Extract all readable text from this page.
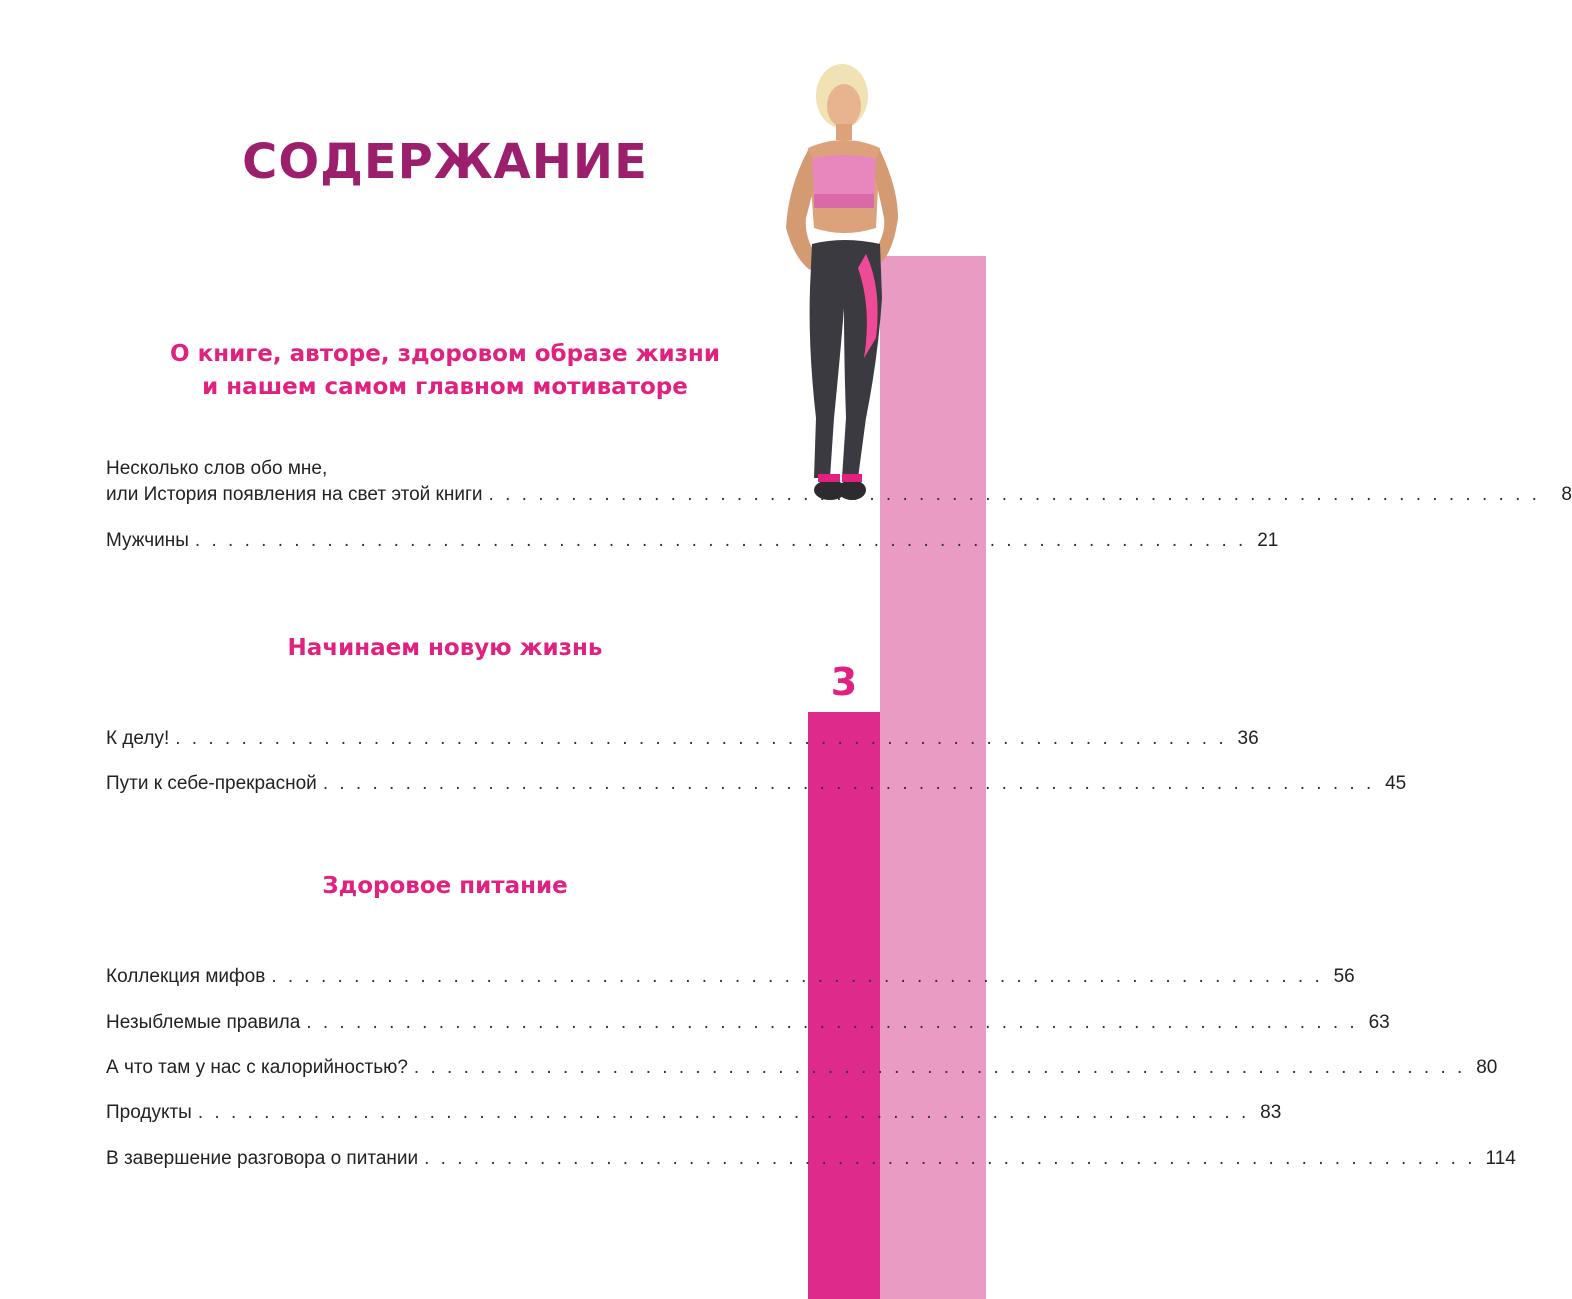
3
СОДЕРЖАНИЕ
О книге, авторе, здоровом образе жизни
и нашем самом главном мотиваторе
Несколько слов обо мне,
или История появления на свет этой книги . . . . . . . . . . . . . . . . . . . . . . . . . . . . . . . . . . . . . . . . . . . . . . . . . . . . . . . . . . . . . . . .	8
Мужчины . . . . . . . . . . . . . . . . . . . . . . . . . . . . . . . . . . . . . . . . . . . . . . . . . . . . . . . . . . . . . . . . 21
Начинаем новую жизнь
К делу! . . . . . . . . . . . . . . . . . . . . . . . . . . . . . . . . . . . . . . . . . . . . . . . . . . . . . . . . . . . . . . . . 36
Пути к себе-прекрасной . . . . . . . . . . . . . . . . . . . . . . . . . . . . . . . . . . . . . . . . . . . . . . . . . . . . . . . . . . . . . . . . 45
Здоровое питание
Коллекция мифов . . . . . . . . . . . . . . . . . . . . . . . . . . . . . . . . . . . . . . . . . . . . . . . . . . . . . . . . . . . . . . . . 56
Незыблемые правила . . . . . . . . . . . . . . . . . . . . . . . . . . . . . . . . . . . . . . . . . . . . . . . . . . . . . . . . . . . . . . . . 63
А что там у нас с калорийностью? . . . . . . . . . . . . . . . . . . . . . . . . . . . . . . . . . . . . . . . . . . . . . . . . . . . . . . . . . . . . . . . . 80
Продукты . . . . . . . . . . . . . . . . . . . . . . . . . . . . . . . . . . . . . . . . . . . . . . . . . . . . . . . . . . . . . . . . 83
В завершение разговора о питании . . . . . . . . . . . . . . . . . . . . . . . . . . . . . . . . . . . . . . . . . . . . . . . . . . . . . . . . . . . . . . . . 114
